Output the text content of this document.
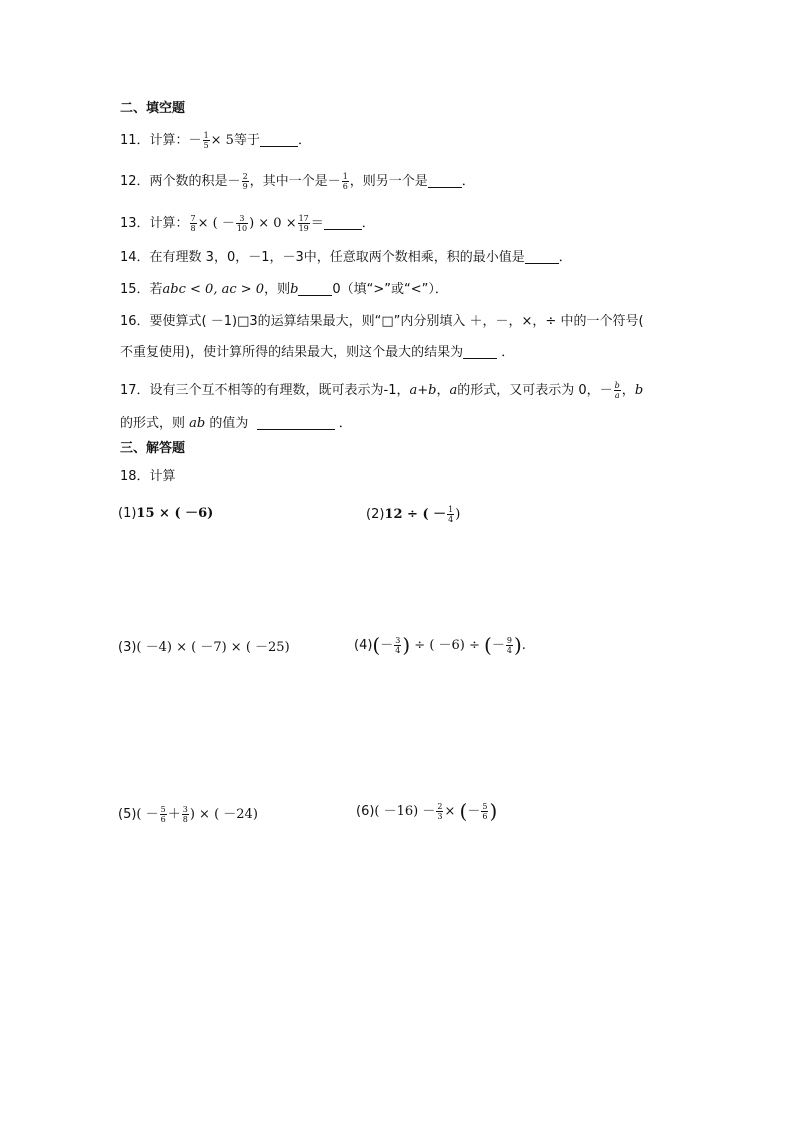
二、填空题
11．计算：－ $\frac{1}{5} \times 5$等于	．
12．两个数的积是－ $\frac{2}{9}$ ，其中一个是－ $\frac{1}{6}$ ，则另一个是	．
13．计算： $\frac{7}{8}$ × ( － $\frac{3}{10}$ ) × $0 \times \frac{17}{19}$ ＝	．
14．在有理数 3，0，－1，－3中，任意取两个数相乘，积的最小值是	．
15．若abc < 0, ac > 0，则b	0（填“>”或“<”）．
16．要使算式( －1)□3的运算结果最大，则“□”内分别填入 ＋，－，×，÷ 中的一个符号(
不重复使用)，使计算所得的结果最大，则这个最大的结果为	．
17．设有三个互不相等的有理数，既可表示为-1，a+b，a的形式，又可表示为 0，－ $\frac{b}{a}$ ，b
的形式，则 ab 的值为	．
三、解答题
18．计算
(1)15 × ( －6)	(2)12 ÷ ( － $\frac{1}{4}$ )
(3)( －4) × ( －7) × ( －25)	$(4)(- \frac{3}{4}$ ) ÷ ( －6) ÷ (－ $\frac{9}{4}$ ).
$(5)( - \frac{5}{6} + \frac{3}{8}$ ) × ( －24)	$(6)( -16) - \frac{2}{3}$ × (－ $\frac{5}{6}$ )
